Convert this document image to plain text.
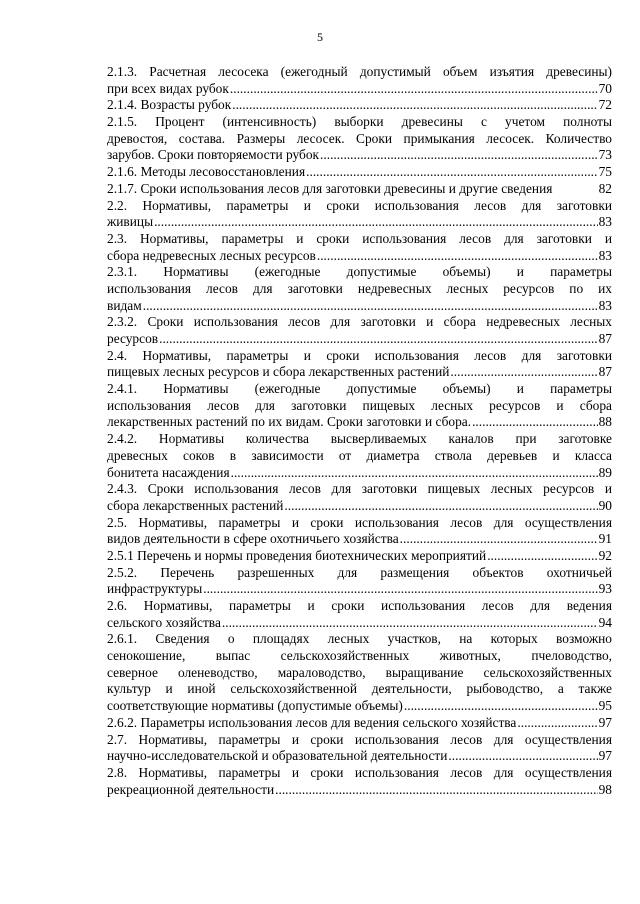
5
2.1.3. Расчетная лесосека (ежегодный допустимый объем изъятия древесины)
при всех видах рубок .....	70
2.1.4. Возрасты рубок .....	72
2.1.5. Процент (интенсивность) выборки древесины с учетом полноты
древостоя, состава. Размеры лесосек. Сроки примыкания лесосек. Количество
зарубов. Сроки повторяемости рубок .....	73
2.1.6. Методы лесовосстановления .....	75
2.1.7. Сроки использования лесов для заготовки древесины и другие сведения	82
2.2. Нормативы, параметры и сроки использования лесов для заготовки
живицы .....	83
2.3. Нормативы, параметры и сроки использования лесов для заготовки и
сбора недревесных лесных ресурсов .....	83
2.3.1. Нормативы (ежегодные допустимые объемы) и параметры
использования лесов для заготовки недревесных лесных ресурсов по их
видам .....	83
2.3.2. Сроки использования лесов для заготовки и сбора недревесных лесных
ресурсов .....	87
2.4. Нормативы, параметры и сроки использования лесов для заготовки
пищевых лесных ресурсов и сбора лекарственных растений .....	87
2.4.1. Нормативы (ежегодные допустимые объемы) и параметры
использования лесов для заготовки пищевых лесных ресурсов и сбора
лекарственных растений по их видам. Сроки заготовки и сбора. .....	88
2.4.2. Нормативы количества высверливаемых каналов при заготовке
древесных соков в зависимости от диаметра ствола деревьев и класса
бонитета насаждения .....	89
2.4.3. Сроки использования лесов для заготовки пищевых лесных ресурсов и
сбора лекарственных растений .....	90
2.5. Нормативы, параметры и сроки использования лесов для осуществления
видов деятельности в сфере охотничьего хозяйства .....	91
2.5.1 Перечень и нормы проведения биотехнических мероприятий .....	92
2.5.2. Перечень разрешенных для размещения объектов охотничьей
инфраструктуры .....	93
2.6. Нормативы, параметры и сроки использования лесов для ведения
сельского хозяйства .....	94
2.6.1. Сведения о площадях лесных участков, на которых возможно
сенокошение, выпас сельскохозяйственных животных, пчеловодство,
северное оленеводство, мараловодство, выращивание сельскохозяйственных
культур и иной сельскохозяйственной деятельности, рыбоводство, а также
соответствующие нормативы (допустимые объемы) .....	95
2.6.2. Параметры использования лесов для ведения сельского хозяйства .....	97
2.7. Нормативы, параметры и сроки использования лесов для осуществления
научно-исследовательской и образовательной деятельности .....	97
2.8. Нормативы, параметры и сроки использования лесов для осуществления
рекреационной деятельности .....	98
